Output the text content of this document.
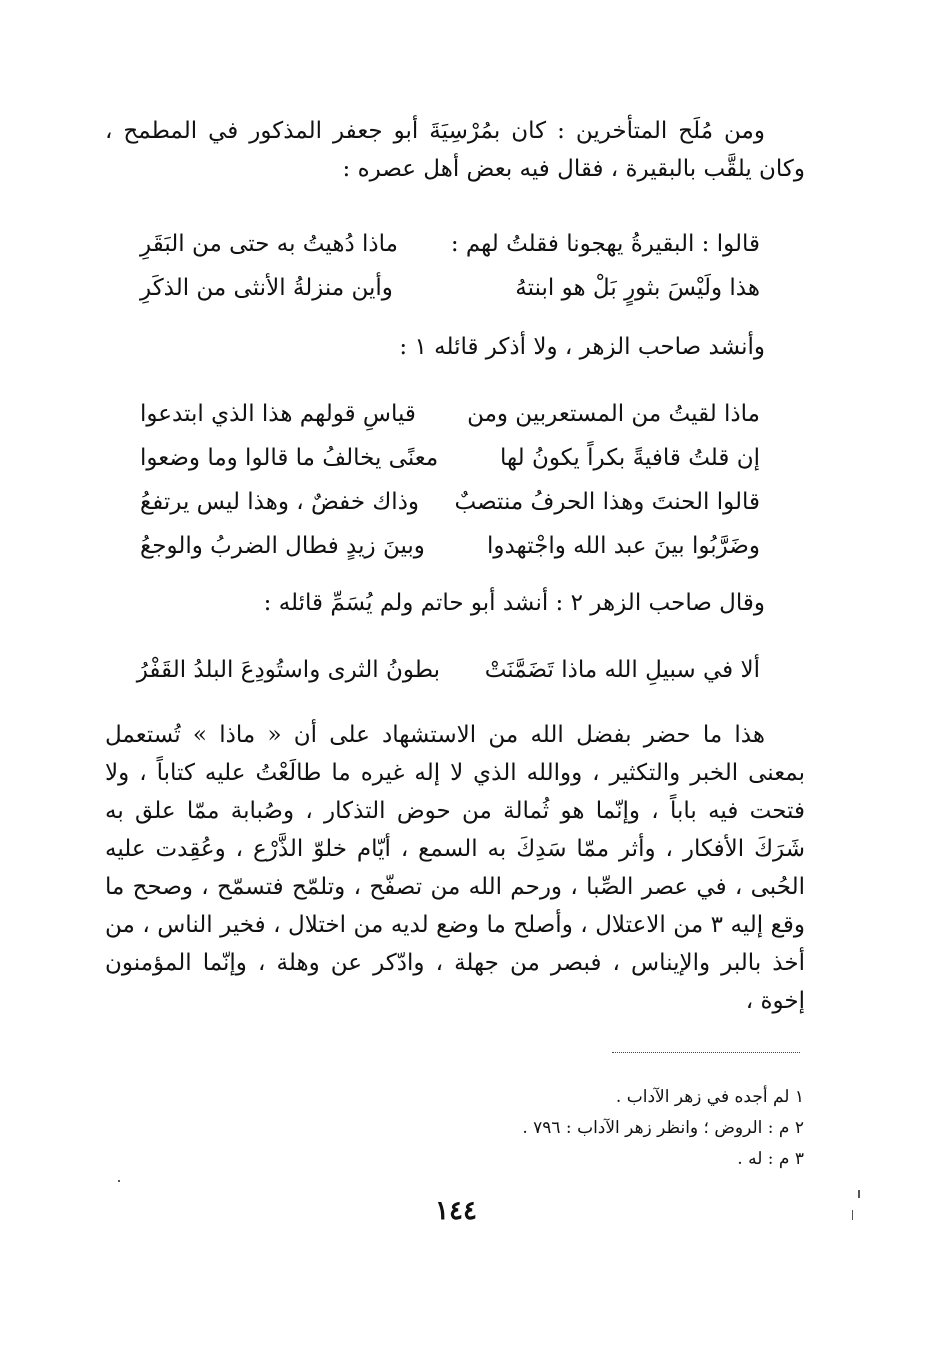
ومن مُلَح المتأخرين : كان بمُرْسِيَةَ أبو جعفر المذكور في المطمح ، وكان يلقَّب بالبقيرة ، فقال فيه بعض أهل عصره :

قالوا : البقيرةُ يهجونا فقلتُ لهم :
ماذا دُهيتُ به حتى من البَقَرِ
هذا ولَيْسَ بثورٍ بَلْ هو ابنتهُ
وأين منزلةُ الأنثى من الذكَرِ

وأنشد صاحب الزهر ، ولا أذكر قائله ١ :

ماذا لقيتُ من المستعربين ومن
قياسِ قولهم هذا الذي ابتدعوا
إن قلتُ قافيةً بكراً يكونُ لها
معنًى يخالفُ ما قالوا وما وضعوا
قالوا الحنتَ وهذا الحرفُ منتصبٌ
وذاك خفضٌ ، وهذا ليس يرتفعُ
وضَرَّبُوا بينَ عبد الله واجْتهدوا
وبينَ زيدٍ فطال الضربُ والوجعُ

وقال صاحب الزهر ٢ : أنشد أبو حاتم ولم يُسَمِّ قائله :

ألا في سبيلِ الله ماذا تَضَمَّنَتْ
بطونُ الثرى واستُودِعَ البلدُ القَفْرُ

هذا ما حضر بفضل الله من الاستشهاد على أن « ماذا » تُستعمل بمعنى الخبر والتكثير ، ووالله الذي لا إله غيره ما طالَعْتُ عليه كتاباً ، ولا فتحت فيه باباً ، وإنّما هو ثُمالة من حوض التذكار ، وصُبابة ممّا علق به شَرَكَ الأفكار ، وأثر ممّا سَدِكَ به السمع ، أيّام خلوّ الذَّرْع ، وعُقِدت عليه الحُبى ، في عصر الصِّبا ، ورحم الله من تصفّح ، وتلمّح فتسمّح ، وصحح ما وقع إليه ٣ من الاعتلال ، وأصلح ما وضع لديه من اختلال ، فخير الناس ، من أخذ بالبر والإيناس ، فبصر من جهلة ، وادّكر عن وهلة ، وإنّما المؤمنون إخوة ،

١ لم أجده في زهر الآداب .
٢ م : الروض ؛ وانظر زهر الآداب : ٧٩٦ .
٣ م : له .
١٤٤
